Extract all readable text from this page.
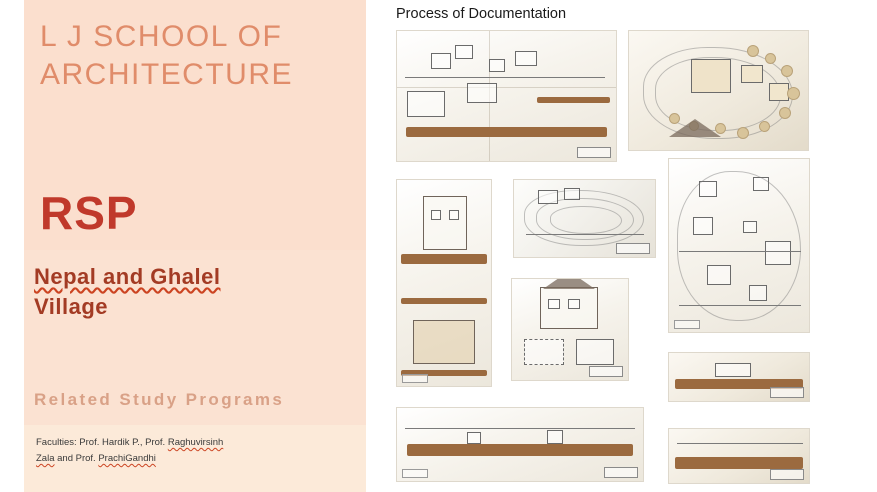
L J SCHOOL OF ARCHITECTURE
RSP
Nepal and Ghalel
Village
Related Study Programs
Faculties: Prof. Hardik P., Prof. Raghuvirsinh
Zala and Prof. PrachiGandhi
Process of Documentation
